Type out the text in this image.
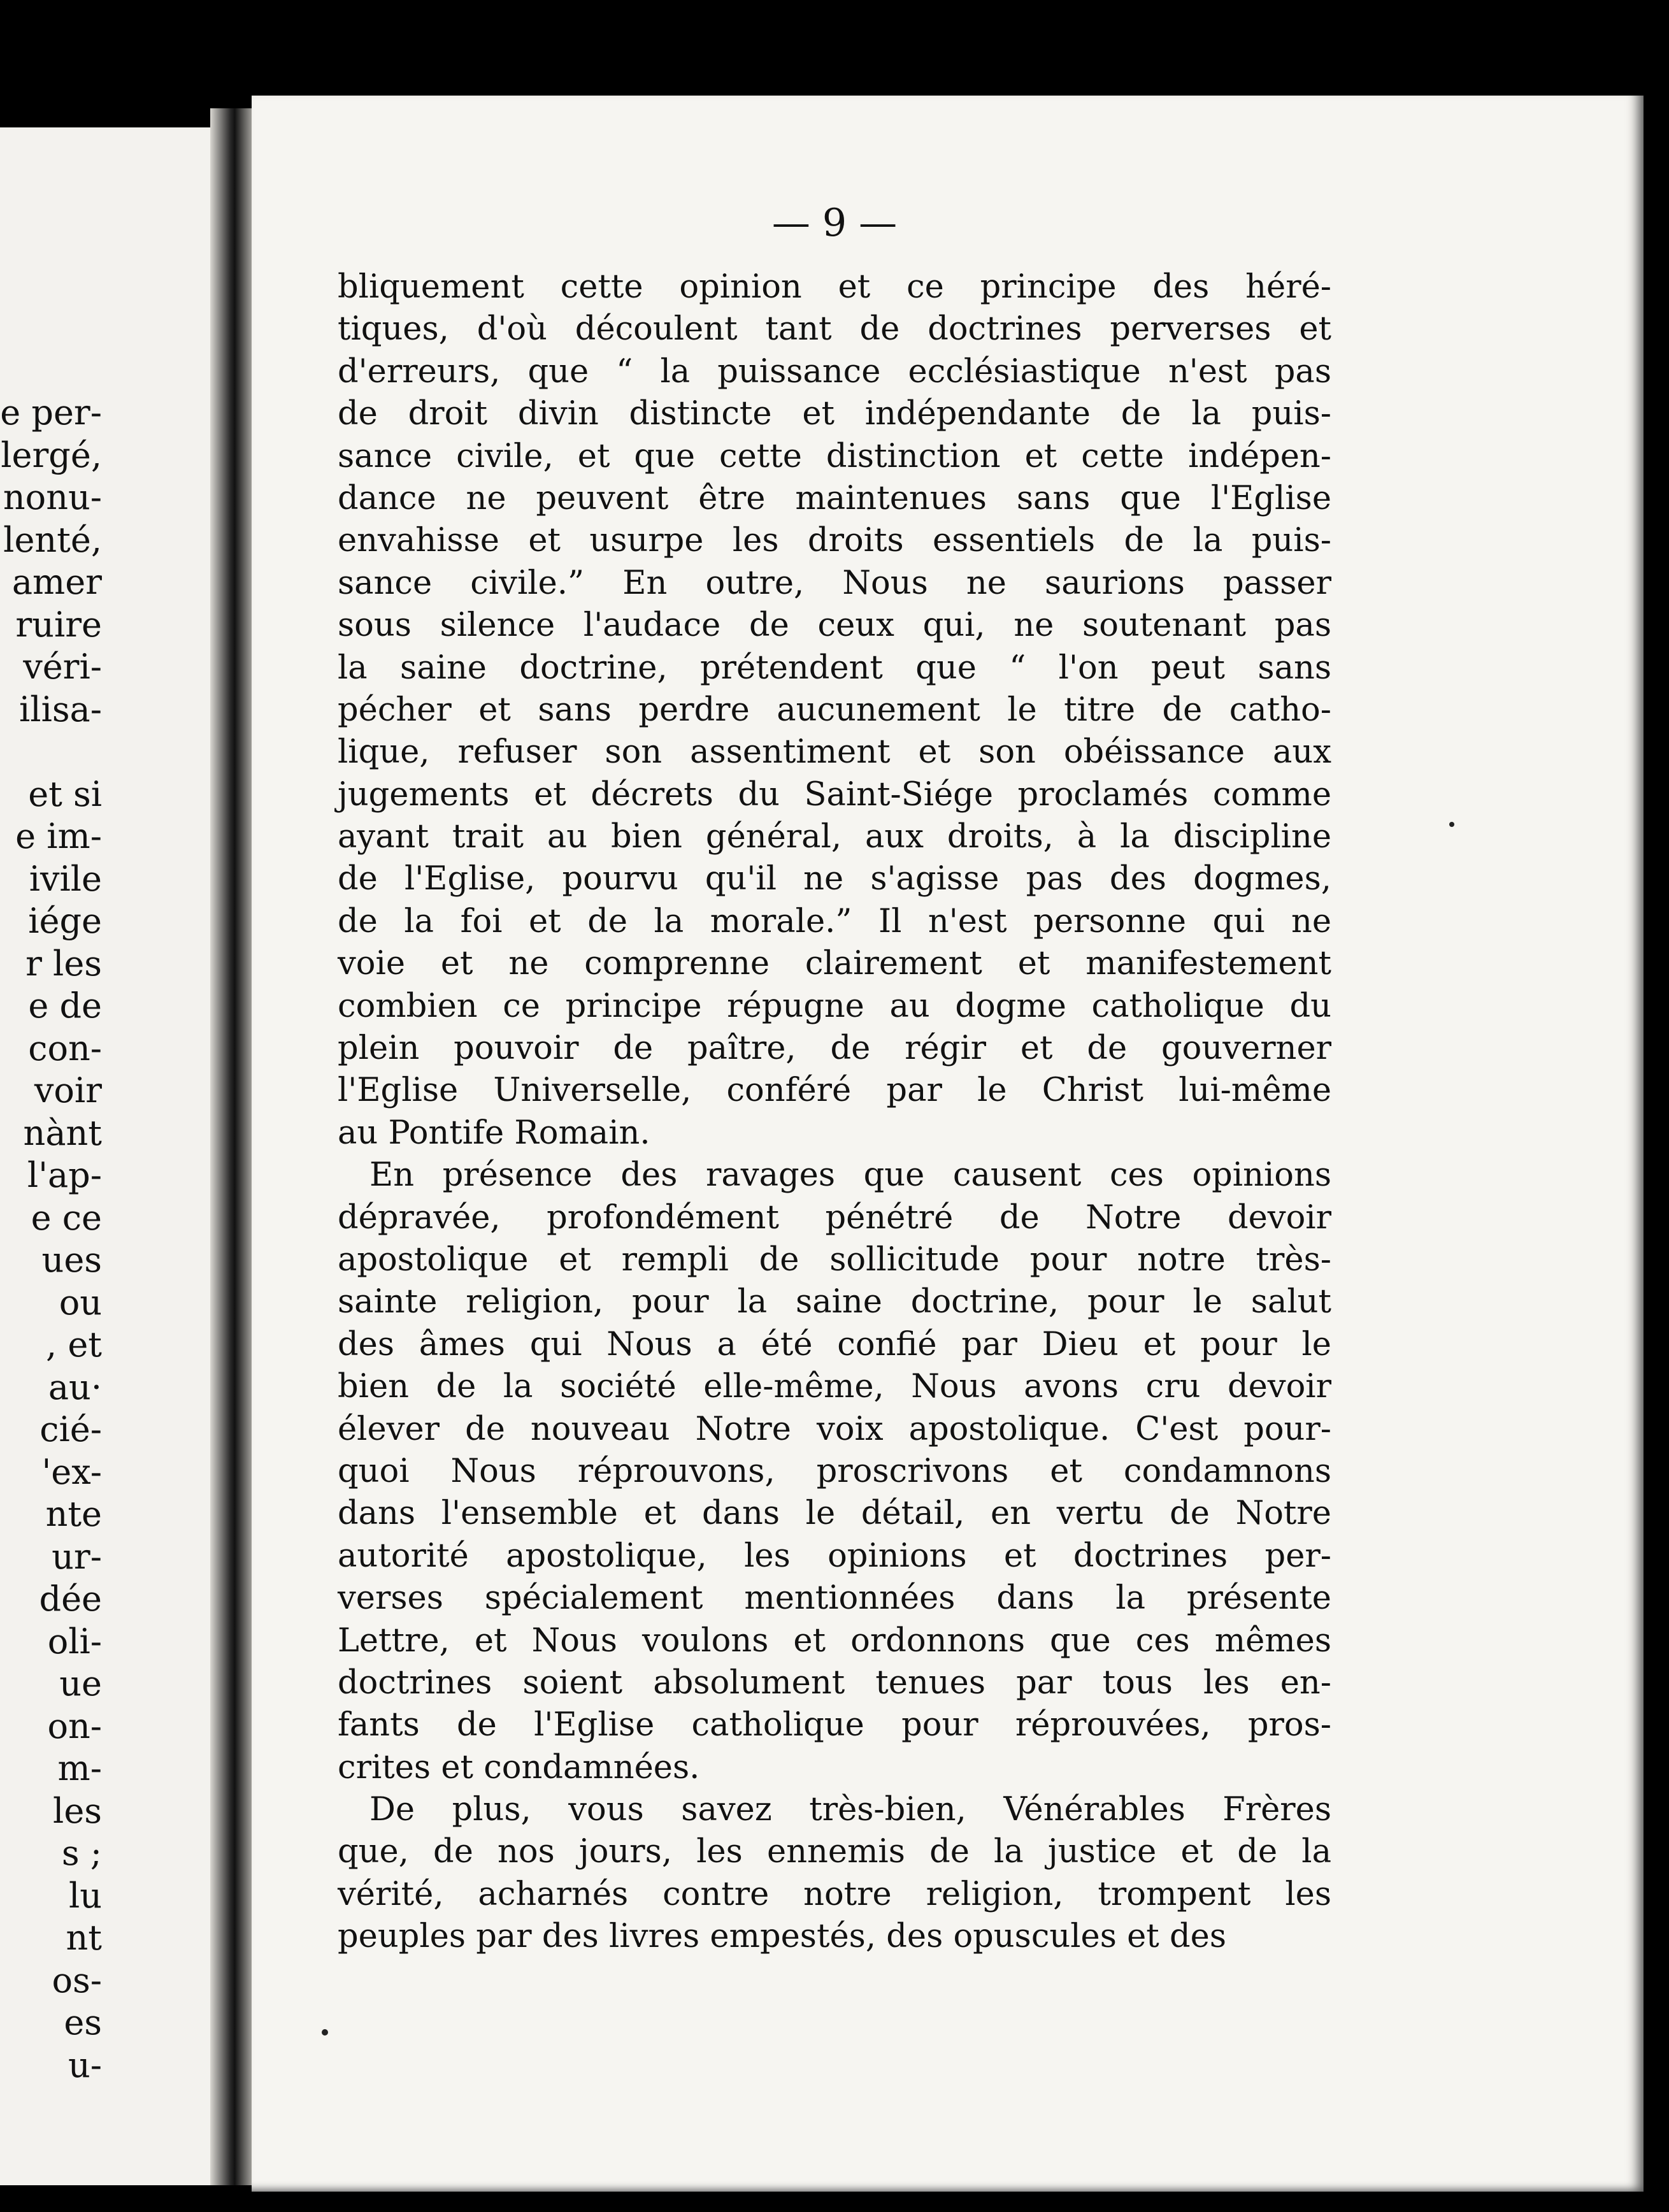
e per-
lergé,
nonu-
lenté,
amer
ruire
véri-
ilisa-
et si
e im-
ivile
iége
r les
e de
con-
voir
nànt
l'ap-
e ce
ues
ou
, et
au·
cié-
'ex-
nte
ur-
dée
oli-
ue
on-
m-
les
s ;
lu
nt
os-
es
u-
— 9 —
bliquement cette opinion et ce principe des héré-
tiques, d'où découlent tant de doctrines perverses et
d'erreurs, que “ la puissance ecclésiastique n'est pas
de droit divin distincte et indépendante de la puis-
sance civile, et que cette distinction et cette indépen-
dance ne peuvent être maintenues sans que l'Eglise
envahisse et usurpe les droits essentiels de la puis-
sance civile.” En outre, Nous ne saurions passer
sous silence l'audace de ceux qui, ne soutenant pas
la saine doctrine, prétendent que “ l'on peut sans
pécher et sans perdre aucunement le titre de catho-
lique, refuser son assentiment et son obéissance aux
jugements et décrets du Saint-Siége proclamés comme
ayant trait au bien général, aux droits, à la discipline
de l'Eglise, pourvu qu'il ne s'agisse pas des dogmes,
de la foi et de la morale.” Il n'est personne qui ne
voie et ne comprenne clairement et manifestement
combien ce principe répugne au dogme catholique du
plein pouvoir de paître, de régir et de gouverner
l'Eglise Universelle, conféré par le Christ lui-même
au Pontife Romain.
En présence des ravages que causent ces opinions
dépravée, profondément pénétré de Notre devoir
apostolique et rempli de sollicitude pour notre très-
sainte religion, pour la saine doctrine, pour le salut
des âmes qui Nous a été confié par Dieu et pour le
bien de la société elle-même, Nous avons cru devoir
élever de nouveau Notre voix apostolique. C'est pour-
quoi Nous réprouvons, proscrivons et condamnons
dans l'ensemble et dans le détail, en vertu de Notre
autorité apostolique, les opinions et doctrines per-
verses spécialement mentionnées dans la présente
Lettre, et Nous voulons et ordonnons que ces mêmes
doctrines soient absolument tenues par tous les en-
fants de l'Eglise catholique pour réprouvées, pros-
crites et condamnées.
De plus, vous savez très-bien, Vénérables Frères
que, de nos jours, les ennemis de la justice et de la
vérité, acharnés contre notre religion, trompent les
peuples par des livres empestés, des opuscules et des
